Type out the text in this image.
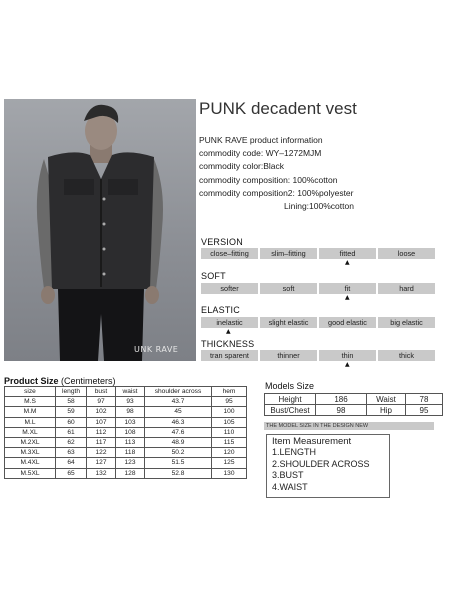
UNK RAVE
PUNK decadent vest
PUNK RAVE product information
commodity code: WY–1272MJM
commodity color:Black
commodity composition: 100%cotton
commodity composition2: 100%polyester
Lining:100%cotton
VERSION
close–fitting	slim–fitting	fitted	loose
▲
SOFT
softer	soft	fit	hard
▲
ELASTIC
inelastic	slight elastic	good elastic	big elastic
▲
THICKNESS
tran sparent	thinner	thin	thick
▲
Product Size (Centimeters)
size	length	bust	waist	shoulder across	hem
M.S	58	97	93	43.7	95
M.M	59	102	98	45	100
M.L	60	107	103	46.3	105
M.XL	61	112	108	47.6	110
M.2XL	62	117	113	48.9	115
M.3XL	63	122	118	50.2	120
M.4XL	64	127	123	51.5	125
M.5XL	65	132	128	52.8	130
Models Size
Height	186	Waist	78
Bust/Chest	98	Hip	95
THE MODEL SIZE IN THE DESIGN NEW
Item Measurement
1.LENGTH
2.SHOULDER ACROSS
3.BUST
4.WAIST
